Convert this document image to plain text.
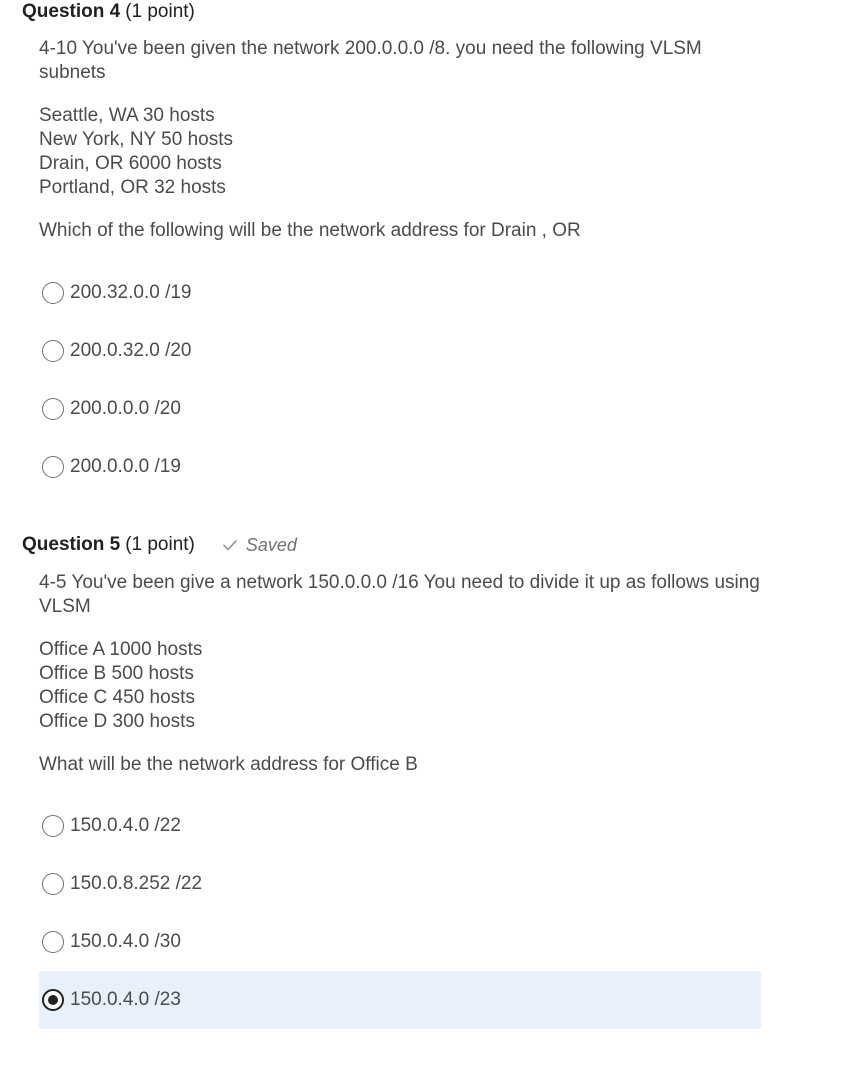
Question 4 (1 point)

4-10 You've been given the network 200.0.0.0 /8. you need the following VLSM subnets

Seattle, WA 30 hosts

New York, NY 50 hosts

Drain, OR 6000 hosts

Portland, OR 32 hosts

Which of the following will be the network address for Drain , OR

200.32.0.0 /19
200.0.32.0 /20
200.0.0.0 /20
200.0.0.0 /19
Question 5 (1 point)	Saved

4-5 You've been give a network 150.0.0.0 /16 You need to divide it up as follows using VLSM

Office A 1000 hosts

Office B 500 hosts

Office C 450 hosts

Office D 300 hosts

What will be the network address for Office B

150.0.4.0 /22
150.0.8.252 /22
150.0.4.0 /30
150.0.4.0 /23
